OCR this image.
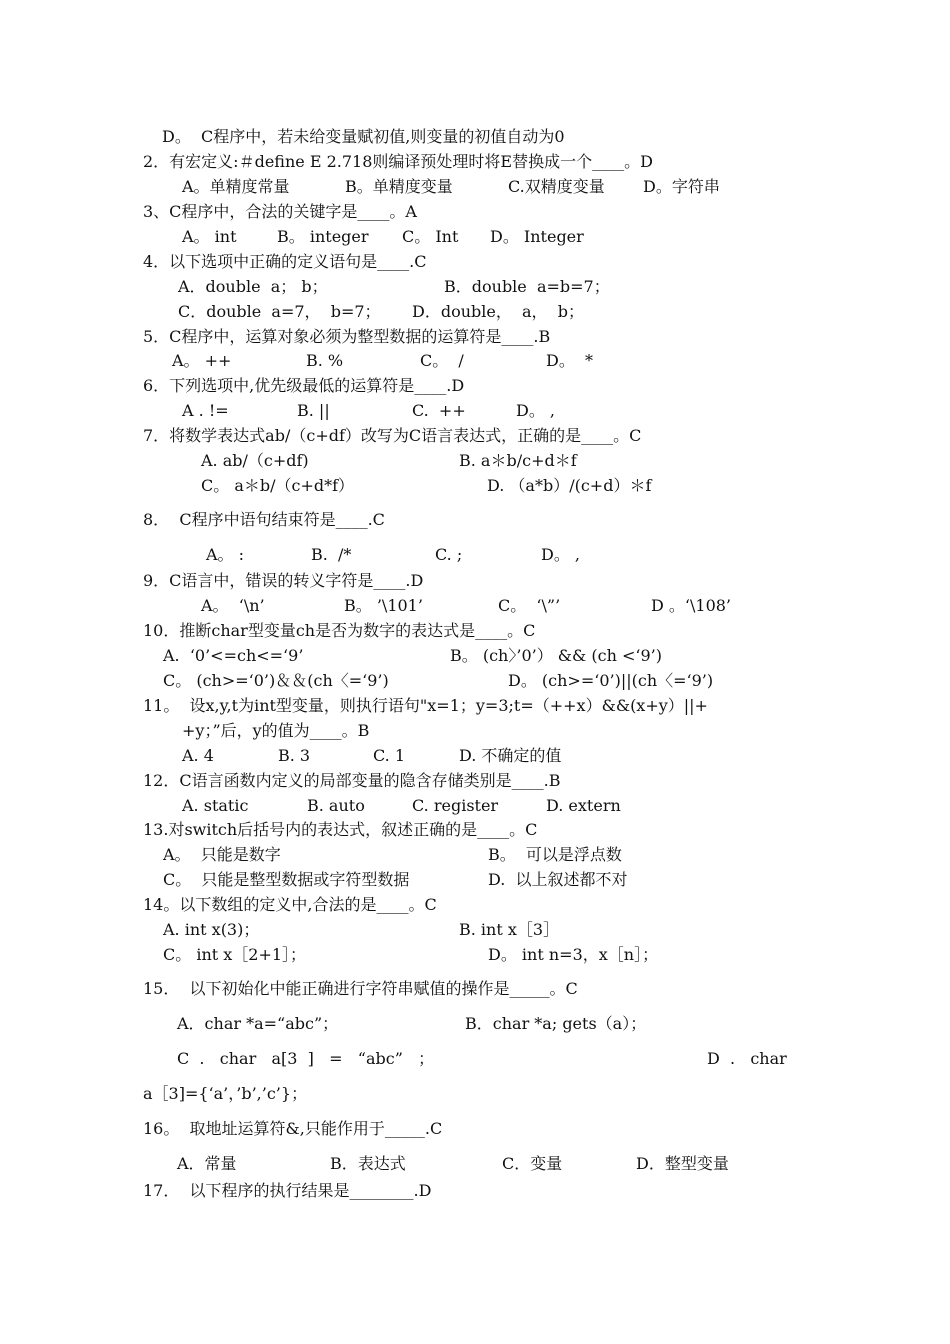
D。  C程序中，若未给变量赋初值,则变量的初值自动为0
2．有宏定义:＃define E 2.718则编译预处理时将E替换成一个____。D
A。单精度常量	B。单精度变量	C.双精度变量 D。字符串
3、C程序中，合法的关键字是____。A
A。 int	B。 integer C。 Int D。 Integer
4．以下选项中正确的定义语句是____.C
A．double  a； b；	B．double  a=b=7；
C．double  a=7，  b=7； D．double，  a，  b；
5．C程序中，运算对象必须为整型数据的运算符是____.B
A。 ++	B. %	C。  /	D。  *
6．下列选项中,优先级最低的运算符是____.D
A . !=	B. ||	C.  ++	D。 ,
7．将数学表达式ab/（c+df）改写为C语言表达式，正确的是____。C
A. ab/（c+df)	B. a＊b/c+d＊f
C。 a＊b/（c+d*f）	D. （a*b）/(c+d）＊f
8．  C程序中语句结束符是____.C
A。 :	B.  /*	C. ;	D。 ,
9．C语言中，错误的转义字符是____.D
A。  ‘\n’	B。 ’\101’	C。  ‘\”’	D 。‘\108’
10．推断char型变量ch是否为数字的表达式是____。C
A.  ‘0’<=ch<=‘9’	B。 (ch〉’0’） && (ch <‘9’)
C。 (ch>=‘0’)＆＆(ch〈=‘9’)	D。 (ch>=‘0’)||(ch〈=‘9’)
11。  设x,y,t为int型变量，则执行语句"x=1；y=3;t=（++x）&&(x+y）||+
+y；”后，y的值为____。B
A. 4	B. 3	C. 1	D. 不确定的值
12．C语言函数内定义的局部变量的隐含存储类别是____.B
A. static	B. auto	C. register	D. extern
13.对switch后括号内的表达式，叙述正确的是____。C
A。  只能是数字	B。  可以是浮点数
C。  只能是整型数据或字符型数据	D.  以上叙述都不对
14。以下数组的定义中,合法的是____。C
A. int x(3)；	B. int x［3］
C。 int x［2+1］；	D。 int n=3，x［n］；
15．  以下初始化中能正确进行字符串赋值的操作是_____。C
A．char *a=“abc”；	B．char *a; gets（a）；
C  .   char   a[3  ]   =   “abc”   ；	D  .   char
a［3]={‘a’，’b’,’c’}；
16。  取地址运算符&,只能作用于_____.C
A．常量	B．表达式	C．变量	D．整型变量
17．  以下程序的执行结果是________.D
